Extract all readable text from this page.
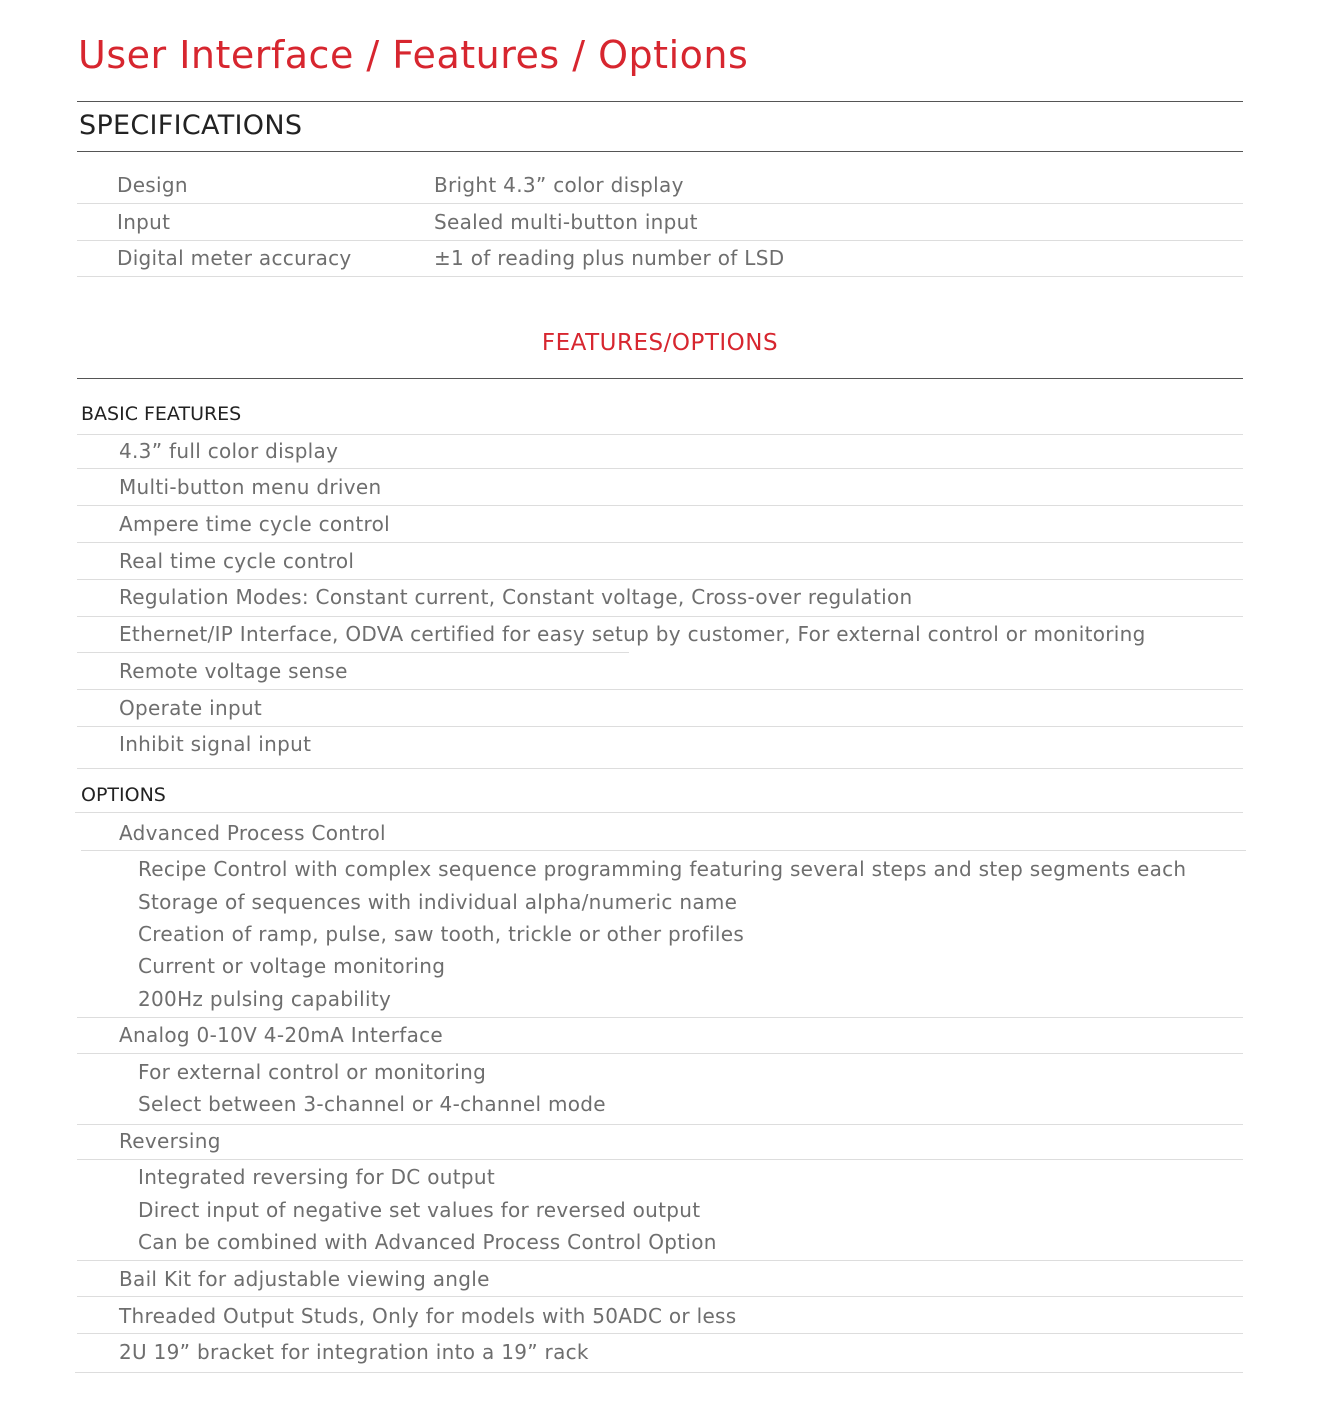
User Interface / Features / Options
SPECIFICATIONS
Design	Bright 4.3” color display
Input	Sealed multi-button input
Digital meter accuracy	±1 of reading plus number of LSD
FEATURES/OPTIONS
BASIC FEATURES
4.3” full color display
Multi-button menu driven
Ampere time cycle control
Real time cycle control
Regulation Modes: Constant current, Constant voltage, Cross-over regulation
Ethernet/IP Interface, ODVA certified for easy setup by customer, For external control or monitoring
Remote voltage sense
Operate input
Inhibit signal input
OPTIONS
Advanced Process Control
Recipe Control with complex sequence programming featuring several steps and step segments each
Storage of sequences with individual alpha/numeric name
Creation of ramp, pulse, saw tooth, trickle or other profiles
Current or voltage monitoring
200Hz pulsing capability
Analog 0-10V 4-20mA Interface
For external control or monitoring
Select between 3-channel or 4-channel mode
Reversing
Integrated reversing for DC output
Direct input of negative set values for reversed output
Can be combined with Advanced Process Control Option
Bail Kit for adjustable viewing angle
Threaded Output Studs, Only for models with 50ADC or less
2U 19” bracket for integration into a 19” rack
